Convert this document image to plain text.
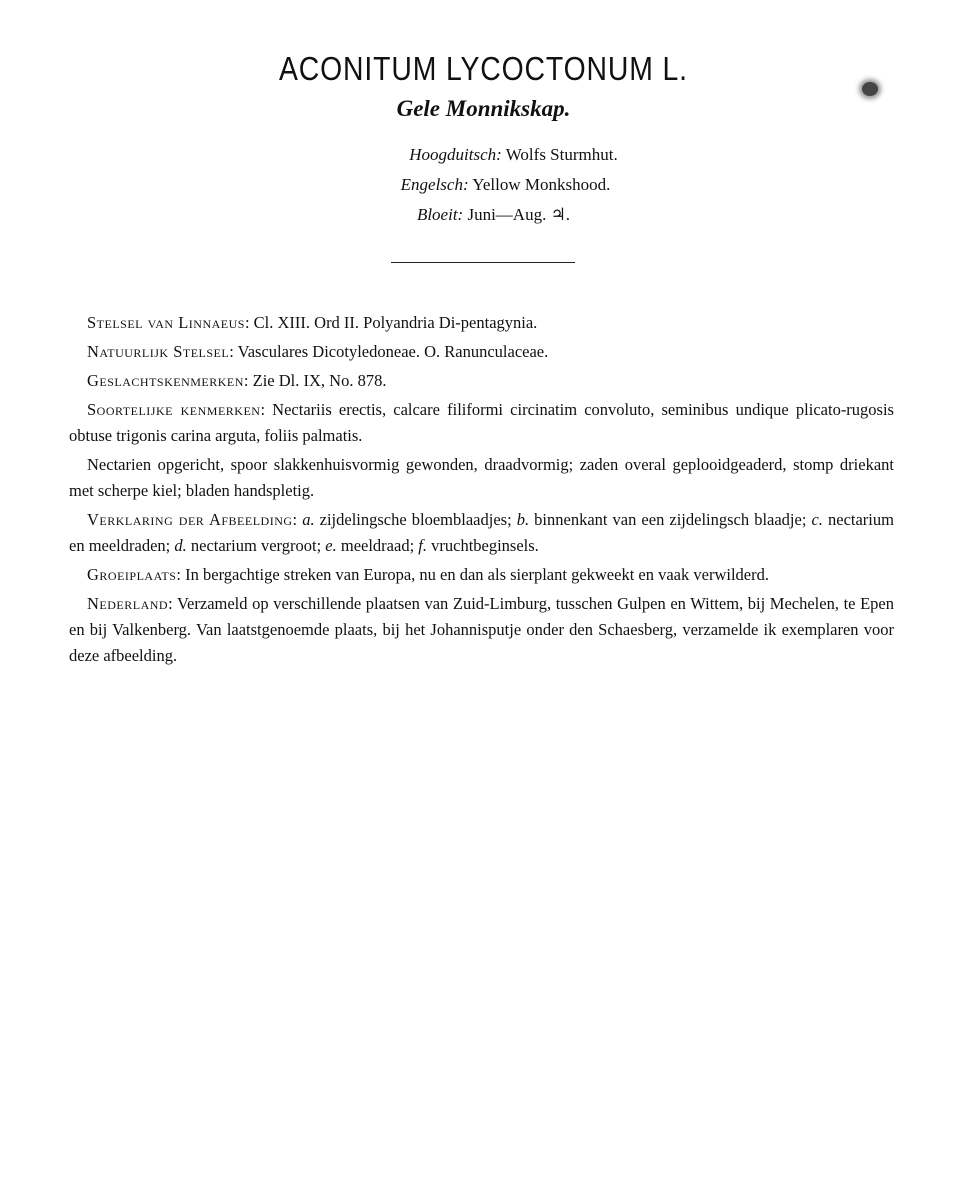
ACONITUM LYCOCTONUM L.
Gele Monnikskap.
Hoogduitsch: Wolfs Sturmhut.
Engelsch: Yellow Monkshood.
Bloeit: Juni—Aug. ♃.

Stelsel van Linnaeus: Cl. XIII. Ord II. Polyandria Di-pentagynia.

Natuurlijk Stelsel: Vasculares Dicotyledoneae. O. Ranunculaceae.

Geslachtskenmerken: Zie Dl. IX, No. 878.

Soortelijke kenmerken: Nectariis erectis, calcare filiformi circinatim convoluto, seminibus undique plicato-rugosis obtuse trigonis carina arguta, foliis palmatis.

Nectarien opgericht, spoor slakkenhuisvormig gewonden, draadvormig; zaden overal geplooidgeaderd, stomp driekant met scherpe kiel; bladen handspletig.

Verklaring der Afbeelding: a. zijdelingsche bloemblaadjes; b. binnenkant van een zijdelingsch blaadje; c. nectarium en meeldraden; d. nectarium vergroot; e. meeldraad; f. vruchtbeginsels.

Groeiplaats: In bergachtige streken van Europa, nu en dan als sierplant gekweekt en vaak verwilderd.

Nederland: Verzameld op verschillende plaatsen van Zuid-Limburg, tusschen Gulpen en Wittem, bij Mechelen, te Epen en bij Valkenberg. Van laatstgenoemde plaats, bij het Johannisputje onder den Schaesberg, verzamelde ik exemplaren voor deze afbeelding.
